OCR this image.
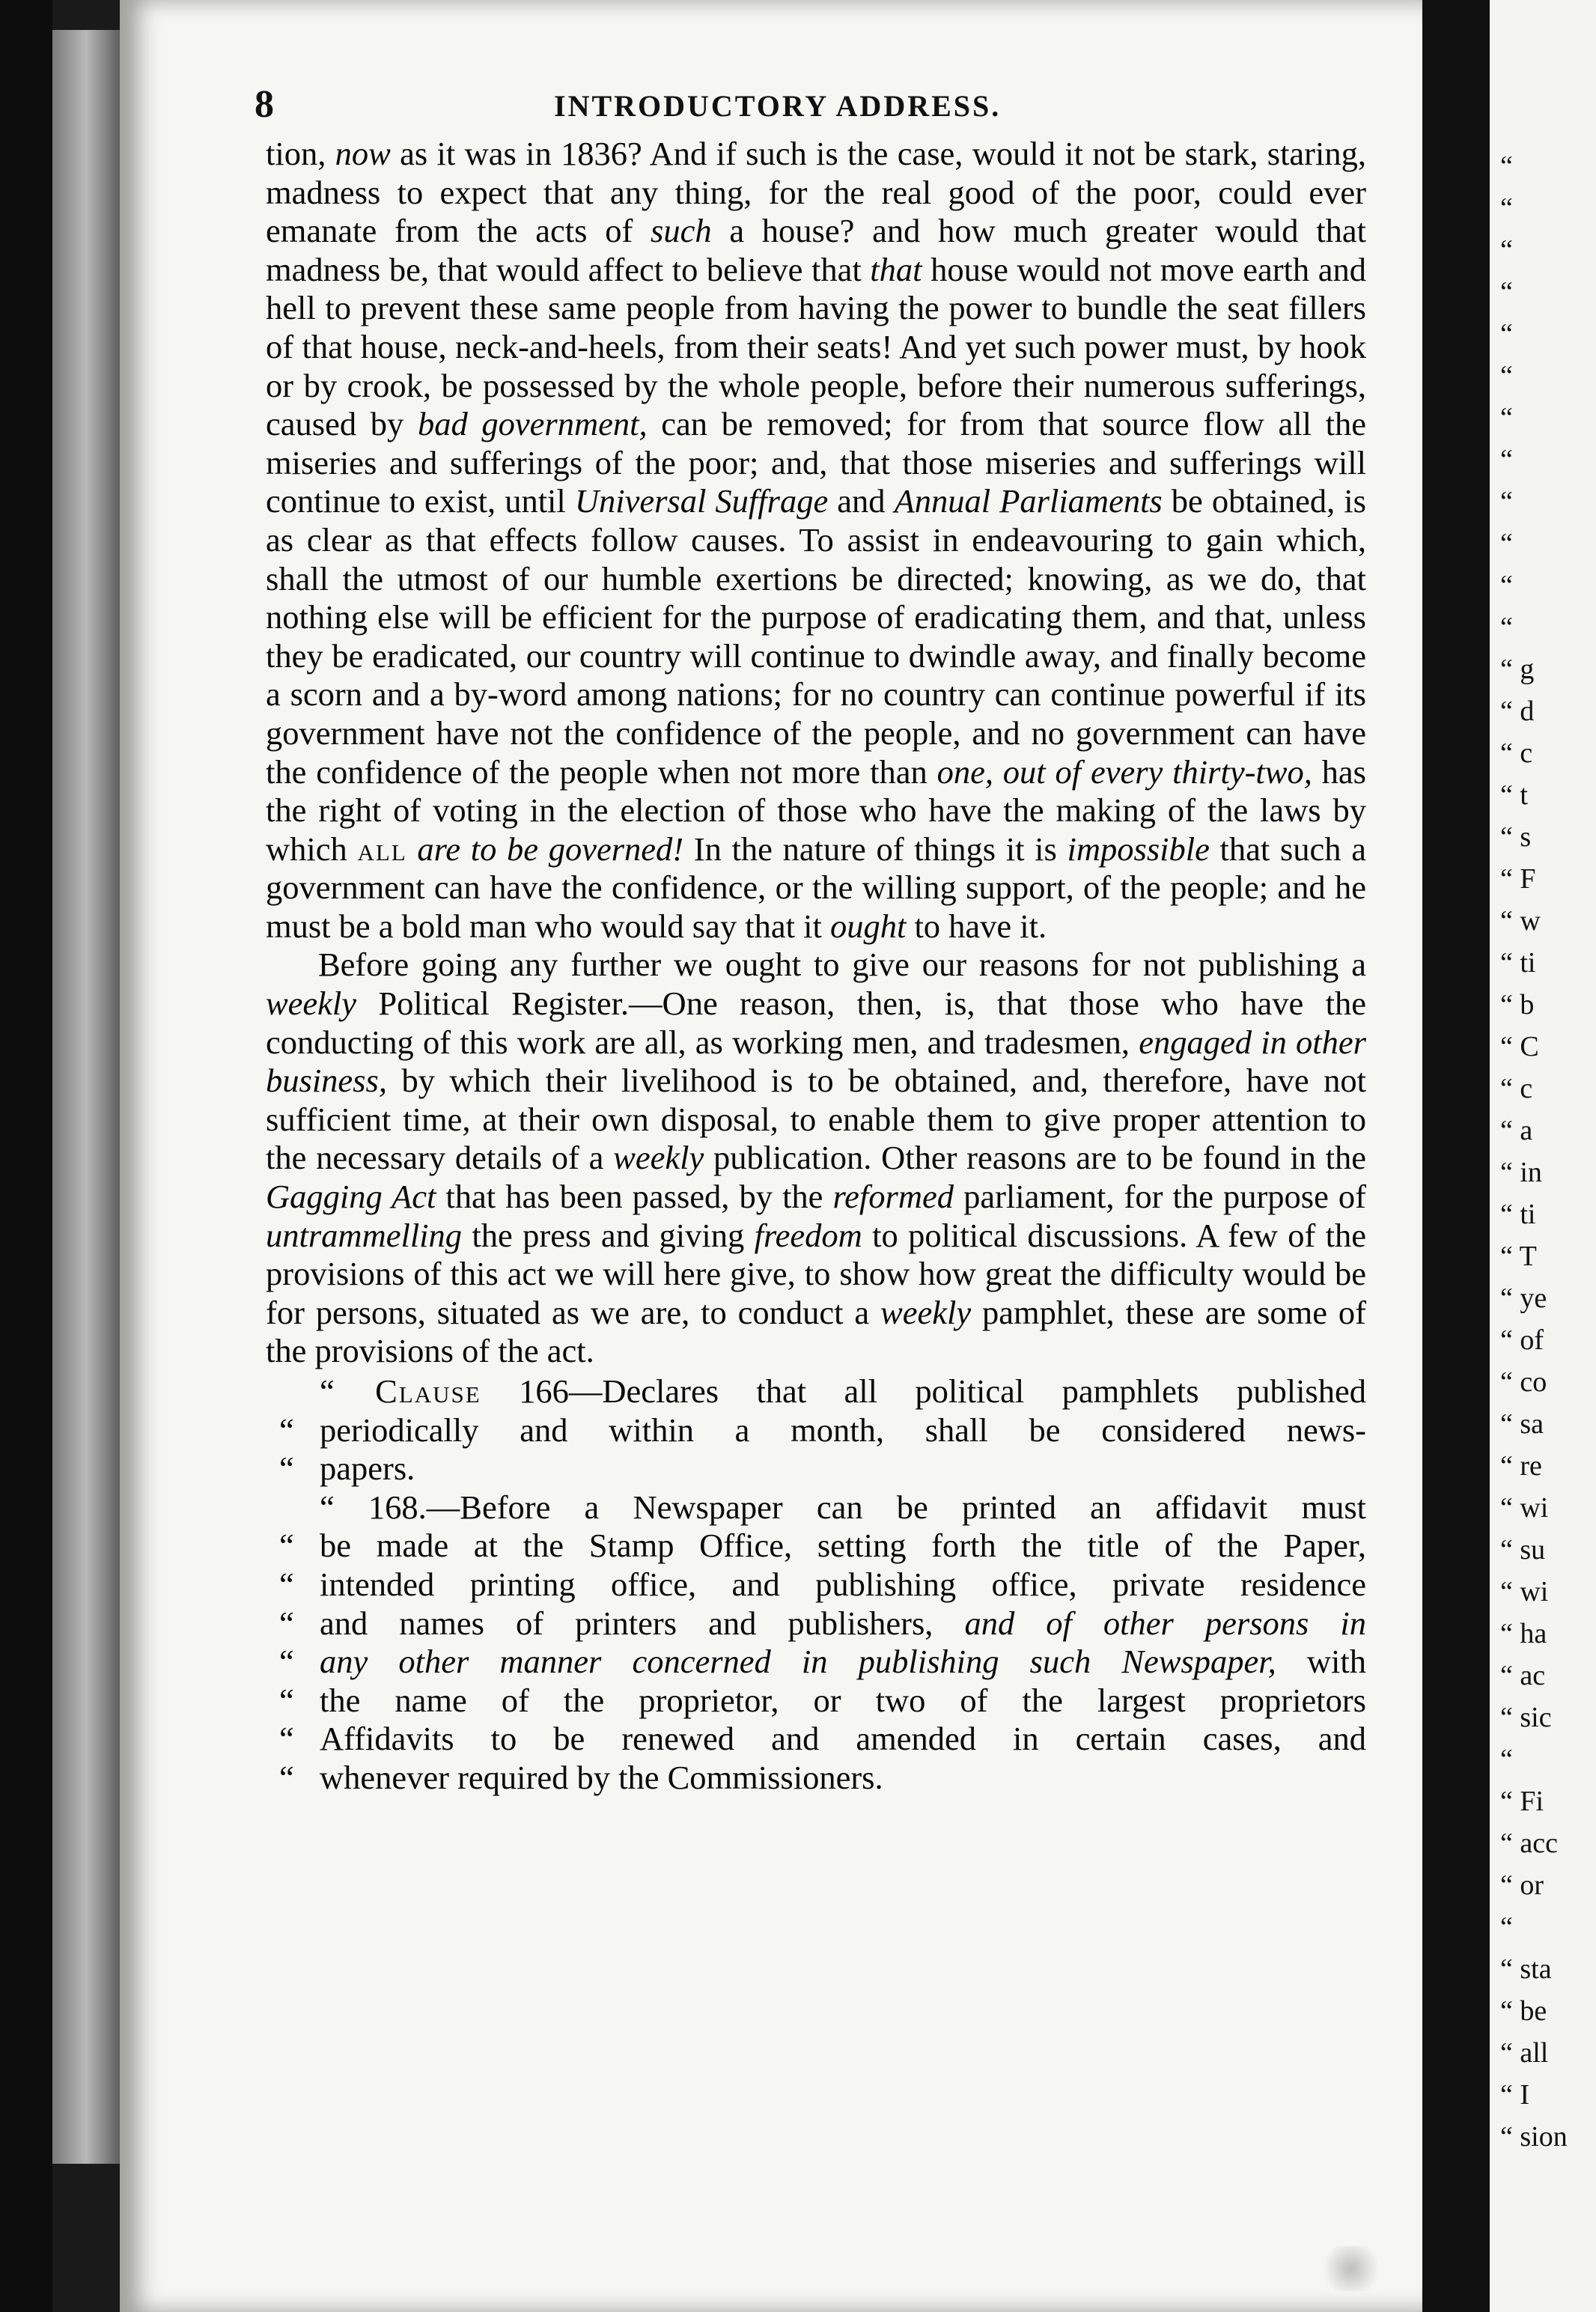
8	INTRODUCTORY ADDRESS.

tion, now as it was in 1836? And if such is the case, would it not be stark, staring, madness to expect that any thing, for the real good of the poor, could ever emanate from the acts of such a house? and how much greater would that madness be, that would affect to believe that that house would not move earth and hell to prevent these same people from having the power to bundle the seat fillers of that house, neck-and-heels, from their seats! And yet such power must, by hook or by crook, be possessed by the whole people, before their numerous sufferings, caused by bad government, can be removed; for from that source flow all the miseries and sufferings of the poor; and, that those miseries and sufferings will continue to exist, until Universal Suffrage and Annual Parliaments be obtained, is as clear as that effects follow causes. To assist in endeavouring to gain which, shall the utmost of our humble exertions be directed; knowing, as we do, that nothing else will be efficient for the purpose of eradicating them, and that, unless they be eradicated, our country will continue to dwindle away, and finally become a scorn and a by-word among nations; for no country can continue powerful if its government have not the confidence of the people, and no government can have the confidence of the people when not more than one, out of every thirty-two, has the right of voting in the election of those who have the making of the laws by which all are to be governed! In the nature of things it is impossible that such a government can have the confidence, or the willing support, of the people; and he must be a bold man who would say that it ought to have it.

Before going any further we ought to give our reasons for not publishing a weekly Political Register.—One reason, then, is, that those who have the conducting of this work are all, as working men, and tradesmen, engaged in other business, by which their livelihood is to be obtained, and, therefore, have not sufficient time, at their own disposal, to enable them to give proper attention to the necessary details of a weekly publication. Other reasons are to be found in the Gagging Act that has been passed, by the reformed parliament, for the purpose of untrammelling the press and giving freedom to political discussions. A few of the provisions of this act we will here give, to show how great the difficulty would be for persons, situated as we are, to conduct a weekly pamphlet, these are some of the provisions of the act.

“ Clause 166—Declares that all political pamphlets published

“ periodically and within a month, shall be considered news-

“ papers.

“ 168.—Before a Newspaper can be printed an affidavit must

“ be made at the Stamp Office, setting forth the title of the Paper,

“ intended printing office, and publishing office, private residence

“ and names of printers and publishers, and of other persons in

“ any other manner concerned in publishing such Newspaper, with

“ the name of the proprietor, or two of the largest proprietors

“ Affidavits to be renewed and amended in certain cases, and

“ whenever required by the Commissioners.

“
“
“
“
“
“
“
“
“
“
“
“
“ g
“ d
“ c
“ t
“ s
“ F
“ w
“ ti
“ b
“ C
“ c
“ a
“ in
“ ti
“ T
“ ye
“ of
“ co
“ sa
“ re
“ wi
“ su
“ wi
“ ha
“ ac
“ sic
“
“ Fi
“ acc
“ or
“
“ sta
“ be
“ all
“ I
“ sion
